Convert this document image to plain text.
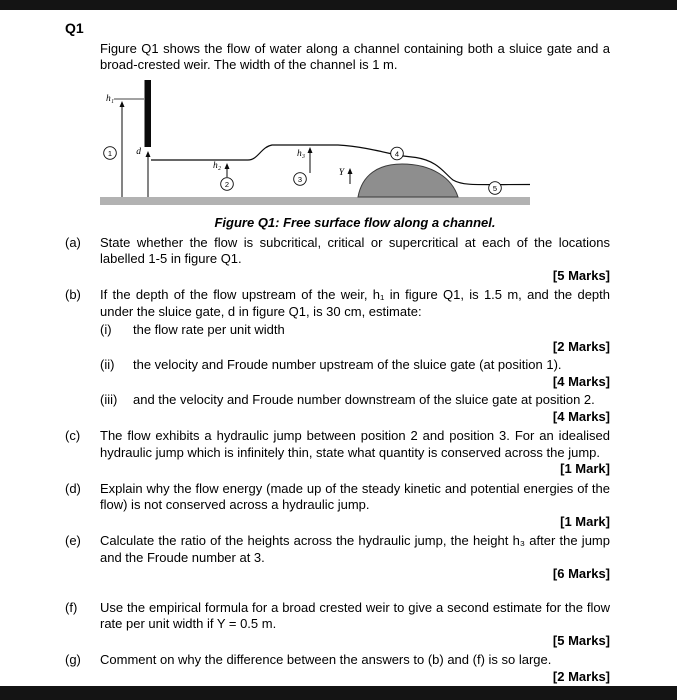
Q1
Figure Q1 shows the flow of water along a channel containing both a sluice gate and a broad-crested weir. The width of the channel is 1 m.
h₁
d
h₂
h₃
Y
1
2
3
4
5
Figure Q1: Free surface flow along a channel.
(a)	State whether the flow is subcritical, critical or supercritical at each of the locations labelled 1-5 in figure Q1.
[5 Marks]
(b)	If the depth of the flow upstream of the weir, h₁ in figure Q1, is 1.5 m, and the depth under the sluice gate, d in figure Q1, is 30 cm, estimate:
(i)	the flow rate per unit width
[2 Marks]
(ii)	the velocity and Froude number upstream of the sluice gate (at position 1).
[4 Marks]
(iii)	and the velocity and Froude number downstream of the sluice gate at position 2.
[4 Marks]
(c)	The flow exhibits a hydraulic jump between position 2 and position 3. For an idealised hydraulic jump which is infinitely thin, state what quantity is conserved across the jump.
[1 Mark]
(d)	Explain why the flow energy (made up of the steady kinetic and potential energies of the flow) is not conserved across a hydraulic jump.
[1 Mark]
(e)	Calculate the ratio of the heights across the hydraulic jump, the height h₃ after the jump and the Froude number at 3.
[6 Marks]
(f)	Use the empirical formula for a broad crested weir to give a second estimate for the flow rate per unit width if Y = 0.5 m.
[5 Marks]
(g)	Comment on why the difference between the answers to (b) and (f) is so large.
[2 Marks]
